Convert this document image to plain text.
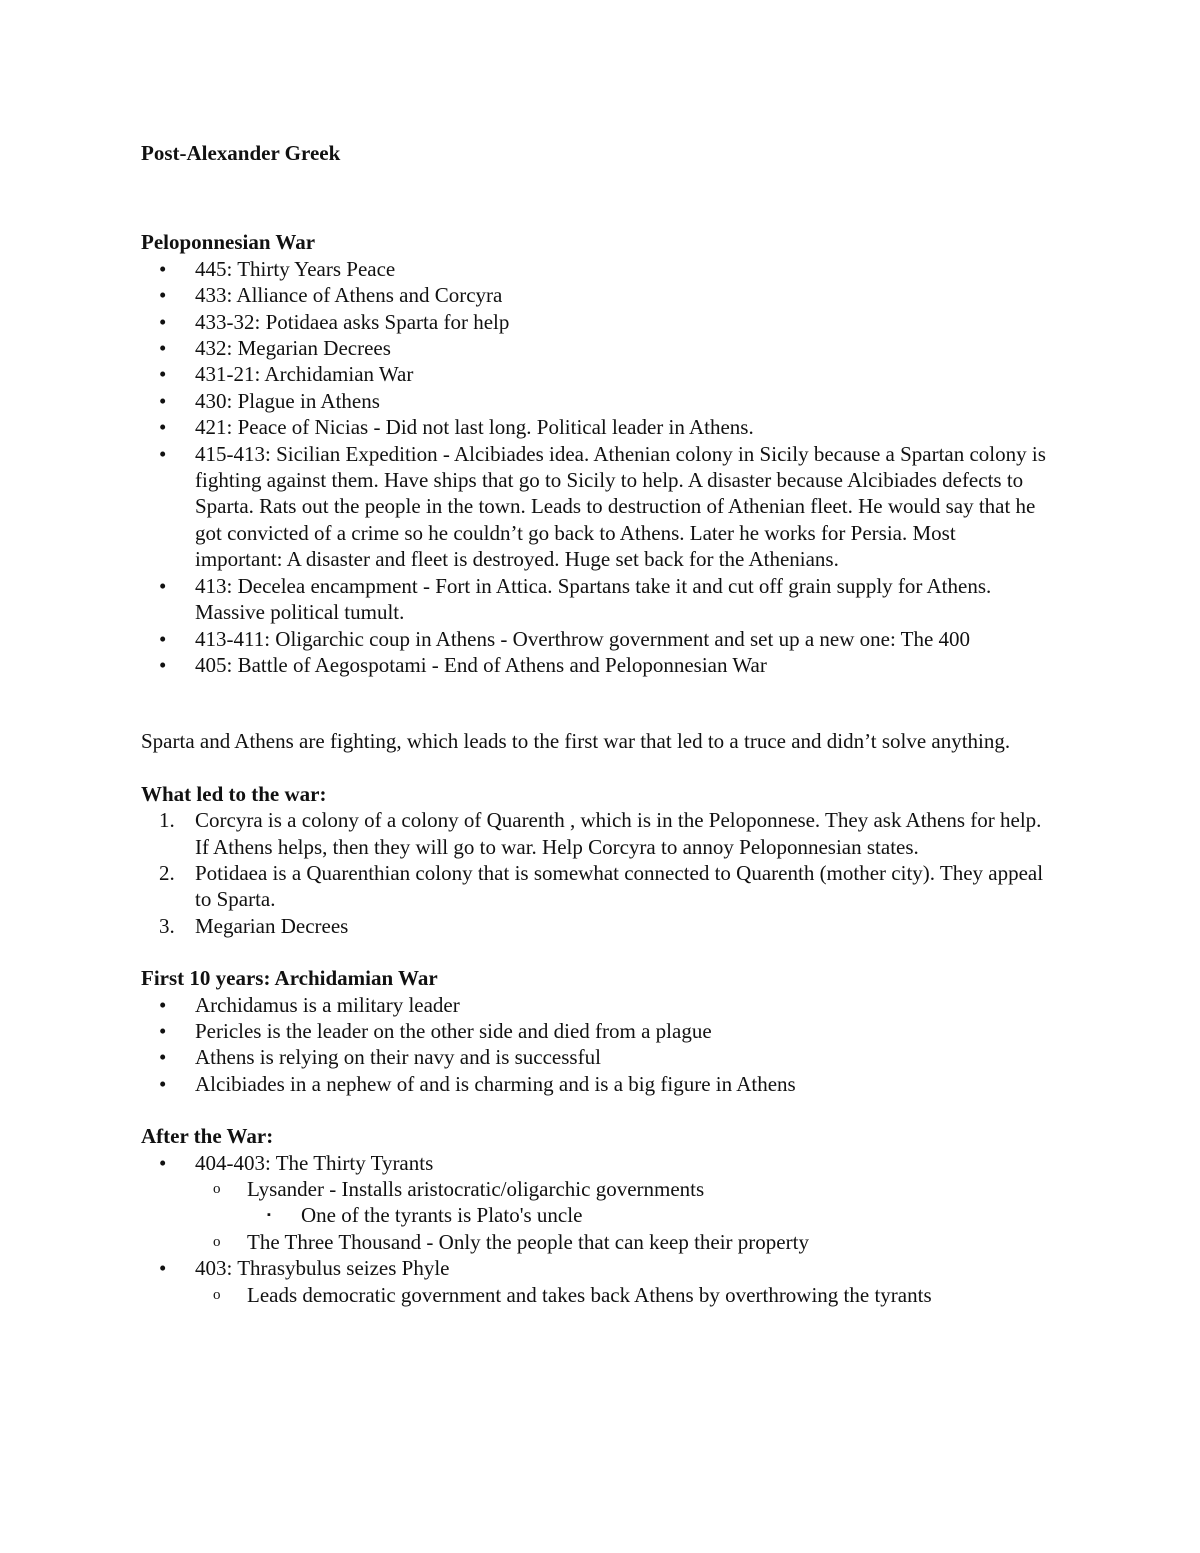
Post-Alexander Greek

Peloponnesian War

•	445: Thirty Years Peace
•	433: Alliance of Athens and Corcyra
•	433-32: Potidaea asks Sparta for help
•	432: Megarian Decrees
•	431-21: Archidamian War
•	430: Plague in Athens
•	421: Peace of Nicias - Did not last long. Political leader in Athens.
•	415-413: Sicilian Expedition - Alcibiades idea. Athenian colony in Sicily because a Spartan colony is fighting against them. Have ships that go to Sicily to help. A disaster because Alcibiades defects to Sparta. Rats out the people in the town. Leads to destruction of Athenian fleet. He would say that he got convicted of a crime so he couldn’t go back to Athens. Later he works for Persia. Most important: A disaster and fleet is destroyed. Huge set back for the Athenians.
•	413: Decelea encampment - Fort in Attica. Spartans take it and cut off grain supply for Athens. Massive political tumult.
•	413-411: Oligarchic coup in Athens - Overthrow government and set up a new one: The 400
•	405: Battle of Aegospotami - End of Athens and Peloponnesian War

Sparta and Athens are fighting, which leads to the first war that led to a truce and didn’t solve anything.

What led to the war:

1. Corcyra is a colony of a colony of Quarenth , which is in the Peloponnese. They ask Athens for help. If Athens helps, then they will go to war. Help Corcyra to annoy Peloponnesian states.
2. Potidaea is a Quarenthian colony that is somewhat connected to Quarenth (mother city). They appeal to Sparta.
3. Megarian Decrees

First 10 years: Archidamian War

•	Archidamus is a military leader
•	Pericles is the leader on the other side and died from a plague
•	Athens is relying on their navy and is successful
•	Alcibiades in a nephew of and is charming and is a big figure in Athens

After the War:

•	404-403: The Thirty Tyrants
o	Lysander - Installs aristocratic/oligarchic governments
▪	One of the tyrants is Plato's uncle
o	The Three Thousand - Only the people that can keep their property
•	403: Thrasybulus seizes Phyle
o	Leads democratic government and takes back Athens by overthrowing the tyrants
